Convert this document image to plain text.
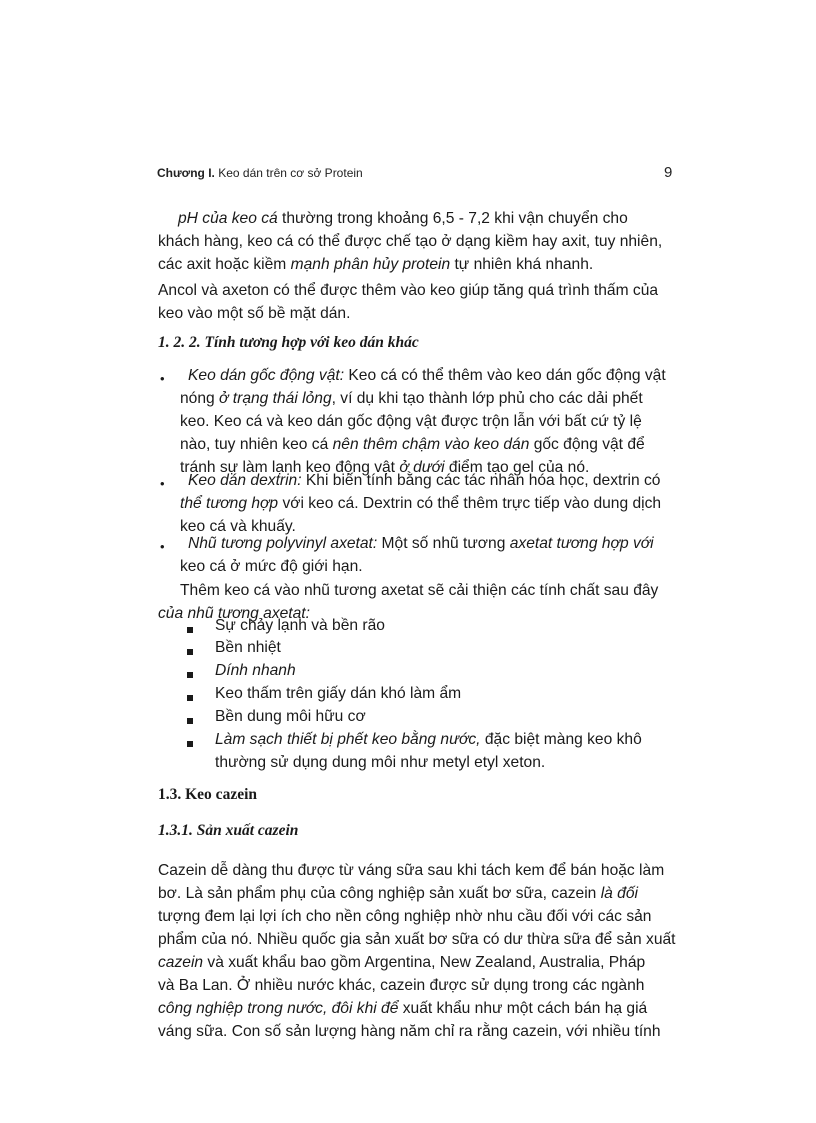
Chương I. Keo dán trên cơ sở Protein	9
pH của keo cá thường trong khoảng 6,5 - 7,2 khi vận chuyển cho
khách hàng, keo cá có thể được chế tạo ở dạng kiềm hay axit, tuy nhiên,
các axit hoặc kiềm mạnh phân hủy protein tự nhiên khá nhanh.
Ancol và axeton có thể được thêm vào keo giúp tăng quá trình thấm của
keo vào một số bề mặt dán.
1. 2. 2. Tính tương hợp với keo dán khác
• Keo dán gốc động vật: Keo cá có thể thêm vào keo dán gốc động vật
nóng ở trạng thái lỏng, ví dụ khi tạo thành lớp phủ cho các dải phết
keo. Keo cá và keo dán gốc động vật được trộn lẫn với bất cứ tỷ lệ
nào, tuy nhiên keo cá nên thêm chậm vào keo dán gốc động vật để
tránh sự làm lạnh keo động vật ở dưới điểm tạo gel của nó.
• Keo dán dextrin: Khi biến tính bằng các tác nhân hóa học, dextrin có
thể tương hợp với keo cá. Dextrin có thể thêm trực tiếp vào dung dịch
keo cá và khuấy.
• Nhũ tương polyvinyl axetat: Một số nhũ tương axetat tương hợp với
keo cá ở mức độ giới hạn.
Thêm keo cá vào nhũ tương axetat sẽ cải thiện các tính chất sau đây
của nhũ tương axetat:
Sự chảy lạnh và bền rão
Bền nhiệt
Dính nhanh
Keo thấm trên giấy dán khó làm ẩm
Bền dung môi hữu cơ
Làm sạch thiết bị phết keo bằng nước, đặc biệt màng keo khô
thường sử dụng dung môi như metyl etyl xeton.
1.3. Keo cazein
1.3.1. Sản xuất cazein
Cazein dễ dàng thu được từ váng sữa sau khi tách kem để bán hoặc làm
bơ. Là sản phẩm phụ của công nghiệp sản xuất bơ sữa, cazein là đối
tượng đem lại lợi ích cho nền công nghiệp nhờ nhu cầu đối với các sản
phẩm của nó. Nhiều quốc gia sản xuất bơ sữa có dư thừa sữa để sản xuất
cazein và xuất khẩu bao gồm Argentina, New Zealand, Australia, Pháp
và Ba Lan. Ở nhiều nước khác, cazein được sử dụng trong các ngành
công nghiệp trong nước, đôi khi để xuất khẩu như một cách bán hạ giá
váng sữa. Con số sản lượng hàng năm chỉ ra rằng cazein, với nhiều tính
